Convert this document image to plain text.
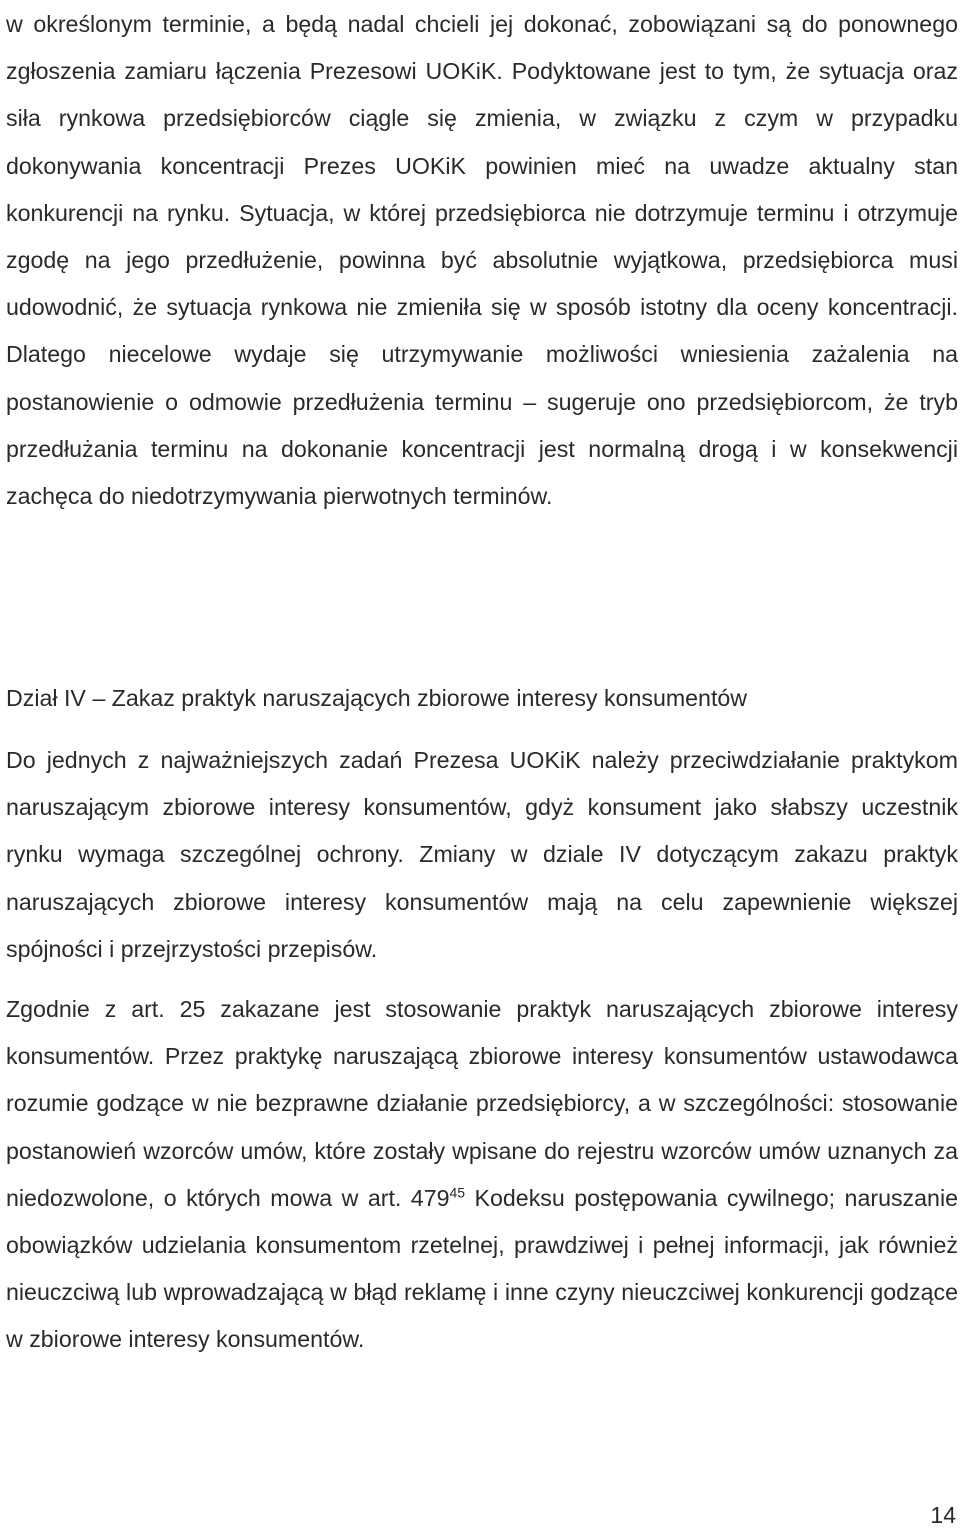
w określonym terminie, a będą nadal chcieli jej dokonać, zobowiązani są do ponownego zgłoszenia zamiaru łączenia Prezesowi UOKiK. Podyktowane jest to tym, że sytuacja oraz siła rynkowa przedsiębiorców ciągle się zmienia, w związku z czym w przypadku dokonywania koncentracji Prezes UOKiK powinien mieć na uwadze aktualny stan konkurencji na rynku. Sytuacja, w której przedsiębiorca nie dotrzymuje terminu i otrzymuje zgodę na jego przedłużenie, powinna być absolutnie wyjątkowa, przedsiębiorca musi udowodnić, że sytuacja rynkowa nie zmieniła się w sposób istotny dla oceny koncentracji. Dlatego niecelowe wydaje się utrzymywanie możliwości wniesienia zażalenia na postanowienie o odmowie przedłużenia terminu – sugeruje ono przedsiębiorcom, że tryb przedłużania terminu na dokonanie koncentracji jest normalną drogą i w konsekwencji zachęca do niedotrzymywania pierwotnych terminów.

Dział IV – Zakaz praktyk naruszających zbiorowe interesy konsumentów

Do jednych z najważniejszych zadań Prezesa UOKiK należy przeciwdziałanie praktykom naruszającym zbiorowe interesy konsumentów, gdyż konsument jako słabszy uczestnik rynku wymaga szczególnej ochrony. Zmiany w dziale IV dotyczącym zakazu praktyk naruszających zbiorowe interesy konsumentów mają na celu zapewnienie większej spójności i przejrzystości przepisów.

Zgodnie z art. 25 zakazane jest stosowanie praktyk naruszających zbiorowe interesy konsumentów. Przez praktykę naruszającą zbiorowe interesy konsumentów ustawodawca rozumie godzące w nie bezprawne działanie przedsiębiorcy, a w szczególności: stosowanie postanowień wzorców umów, które zostały wpisane do rejestru wzorców umów uznanych za niedozwolone, o których mowa w art. $479^{45}$ Kodeksu postępowania cywilnego; naruszanie obowiązków udzielania konsumentom rzetelnej, prawdziwej i pełnej informacji, jak również nieuczciwą lub wprowadzającą w błąd reklamę i inne czyny nieuczciwej konkurencji godzące w zbiorowe interesy konsumentów.

14
